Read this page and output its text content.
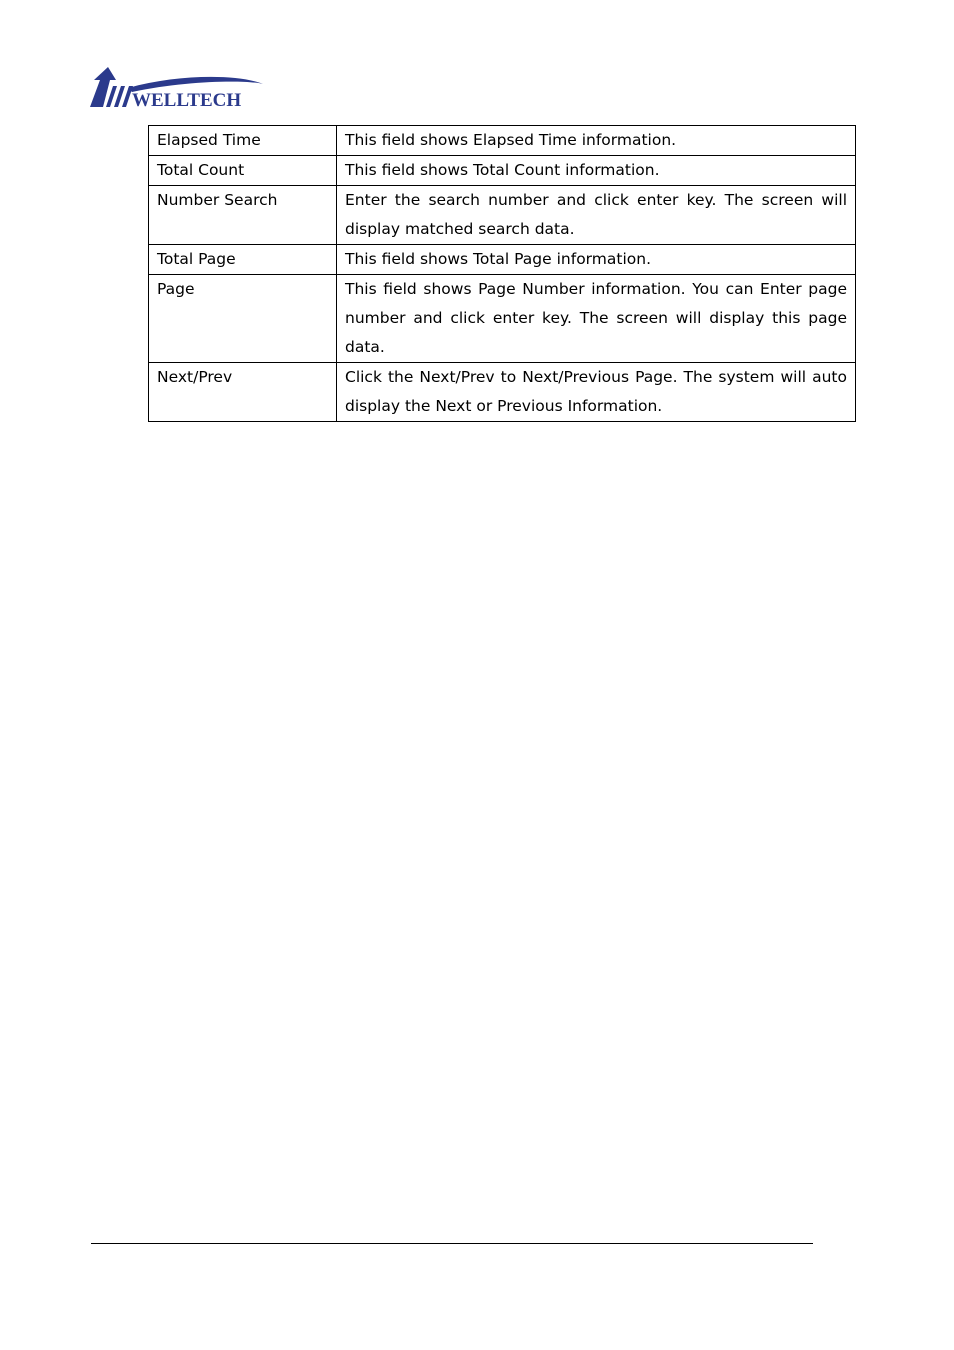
WELLTECH
Elapsed Time	This field shows Elapsed Time information.
Total Count	This field shows Total Count information.
Number Search	Enter the search number and click enter key. The screen will display matched search data.
Total Page	This field shows Total Page information.
Page	This field shows Page Number information. You can Enter page number and click enter key. The screen will display this page data.
Next/Prev	Click the Next/Prev to Next/Previous Page. The system will auto display the Next or Previous Information.
